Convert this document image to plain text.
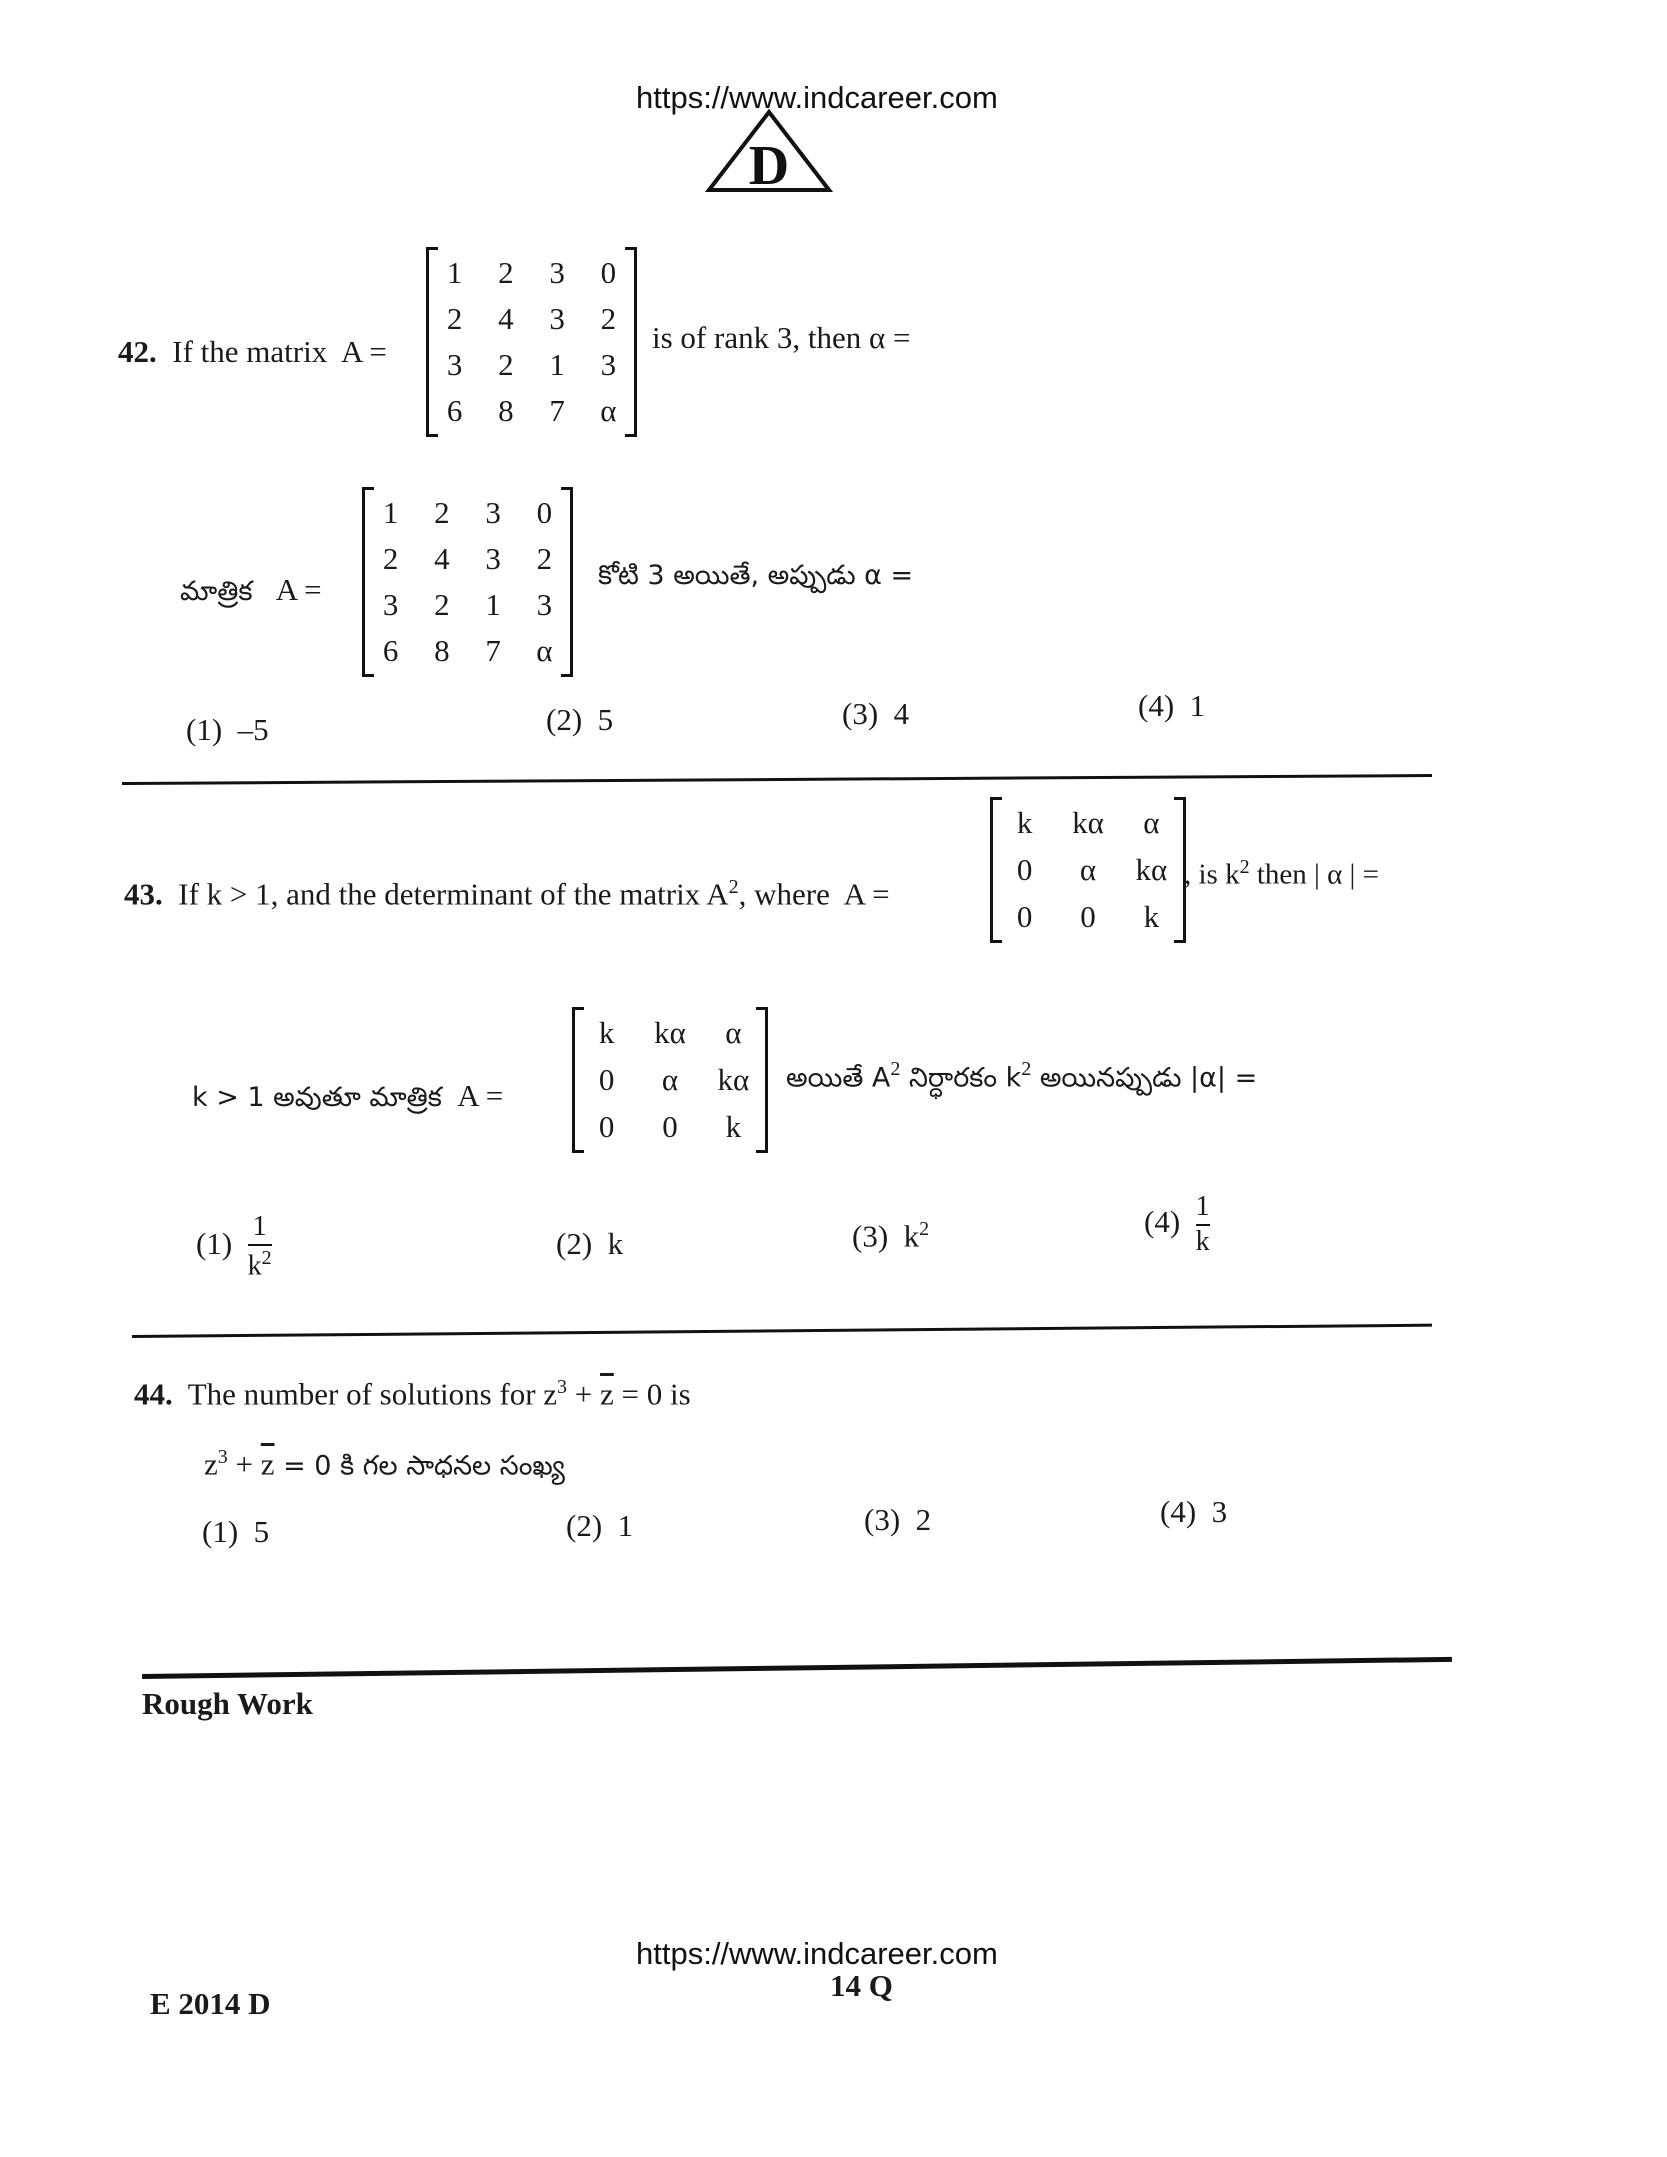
https://www.indcareer.com
D
42. If the matrix A =
1 2 3 0
2 4 3 2
3 2 1 3
6 8 7 α
is of rank 3, then α =
మాత్రిక A =
1 2 3 0
2 4 3 2
3 2 1 3
6 8 7 α
కోటి 3 అయితే, అప్పుడు α =
(1) –5	(2) 5	(3) 4	(4) 1
43. If k > 1, and the determinant of the matrix $A^2$, where A =
k kα α
0 α kα
0 0 k
, is $k^2$ then | α | =
k > 1 అవుతూ మాత్రిక A =
k kα α
0 α kα
0 0 k
అయితే $A^2$ నిర్ధారకం $k^2$ అయినప్పుడు |α| =
$(1) \frac{1}{k^2}$	(2) k	(3) $k^2$	$(4) \frac{1}{k}$
44. The number of solutions for $z^3 + \overline{z} = 0$ is
$z^3 + \overline{z} = 0$ కి గల సాధనల సంఖ్య
(1) 5	(2) 1	(3) 2	(4) 3
Rough Work
https://www.indcareer.com
14 Q
E 2014 D
